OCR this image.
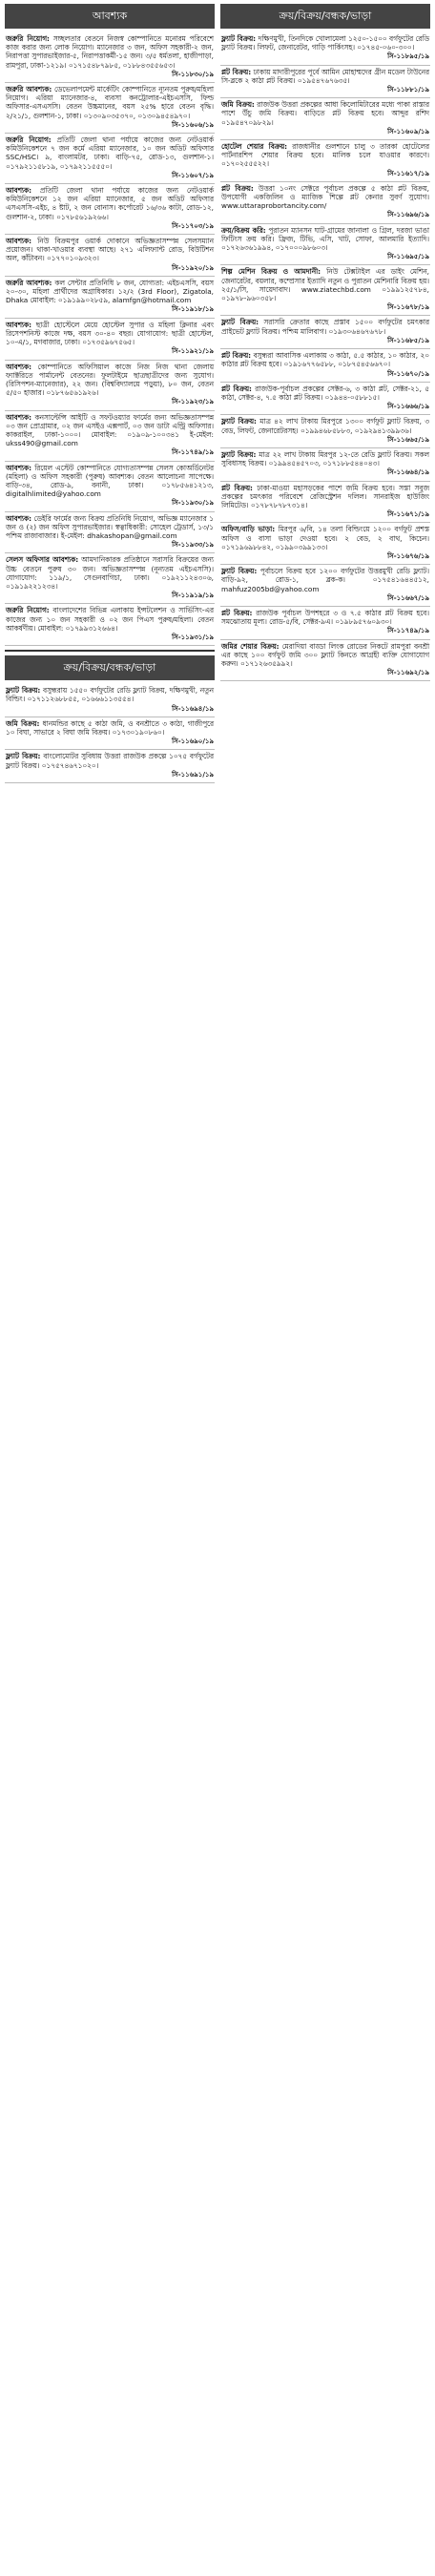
আবশ্যক
জরুরি নিয়োগ: সচ্ছলতার বেতনে নিজস্ব কোম্পানিতে মনোরম পরিবেশে কাজ করার জন্য লোক নিয়োগ। ম্যানেজার ৩ জন, অফিস সহকারী-২ জন, নিরাপত্তা সুপারভাইজার-৫, নিরাপত্তাকর্মী-১৫ জন। ৩/৫ ধর্মতলা, হাজীপাড়া, রামপুরা, ঢাকা-১২১৯। ০১৭১৫৪৮৭৯৮৫, ০১৮৮৪৩৫৫৬৫৩।
সি-১১৮৩০/১৯
জরুরি আবশ্যক: ডেভেলাপমেন্ট মার্কেটিং কোম্পানিতে ন্যূনতম পুরুষ/মহিলা নিয়োগ। এরিয়া ম্যানেজার-৪, ব্যবসা কনট্রোলার-এইচএসসি, ফিল্ড অফিসার-এসএসসি। বেতন উচ্চমানের, বয়স ২৫% হারে বেতন বৃদ্ধি। ২/২১/১, গুলশান-১, ঢাকা। ০১৩০৯০৩৫৩৭০, ০১৩০৯৪৫৪৯৭০।
সি-১১৬০৬/১৯
জরুরি নিয়োগ: প্রতিটি জেলা থানা পর্যায়ে কাজের জন্য নেটওয়ার্ক কমিউনিকেশনে ৭ জন কর্মে এরিয়া ম্যানেজার, ১০ জন অডিট অফিসার SSC/HSC। ৯, বাংলামটর, ঢাকা। বাড়ি-৭৫, রোড-১৩, গুলশান-১। ০১৭৯২১১৫৮১৯, ০১৭৯২১১৫৫৫০।
সি-১১৬০৭/১৯
আবশ্যক: প্রতিটি জেলা থানা পর্যায়ে কাজের জন্য নেটওয়ার্ক কমিউনিকেশনে ১২ জন এরিয়া ম্যানেজার, ৫ জন অডিট অফিসার এসএসসি-এইচ, ৪ ষ্টাট, ২ জন বোনাস। কর্পোরেট ১৬/৩৬ কাটা, রোড-১২, গুলশান-২, ঢাকা। ০১৭৮৫৬১৯২৬৬।
সি-১১৭০৩/১৯
আবশ্যক: নিউ বিক্রমপুর ওয়ার্ক দোকানে অভিজ্ঞতাসম্পন্ন সেলসম্যান প্রয়োজন। থাকা-খাওয়ার ব্যবস্থা আছে। ২৭১ এলিফ্যান্ট রোড, বিউটিশন অল, কাঁটাবন। ০১৭৭০১০৯৩২৩।
সি-১১৯২০/১৯
জরুরি আবশ্যক: কল সেন্টার প্রতিনিধি ৮ জন, যোগ্যতা: এইচএসসি, বয়স ২০-৩০, মহিলা প্রার্থীদের অগ্রাধিকার। ১২/২ (3rd Floor), Zigatola, Dhaka মোবাইল: ০১৯১৯৯০২৮৫৯, alamfgn@hotmail.com
সি-১১৯১৮/১৯
আবশ্যক: ছাত্রী হোস্টেলে মেয়ে হোস্টেল সুপার ও মহিলা ক্লিনার এবং রিসেপশনিস্ট কাজে দক্ষ, বয়স ৩০-৪০ বছর। যোগাযোগ: ছাত্রী হোস্টেল, ১০-এ/১, মগবাজার, ঢাকা। ০১৭৩৫৯৬৭৫৬৫।
সি-১১৯২১/১৯
আবশ্যক: কোম্পানিতে অফিসিয়াল কাজে নিজ নিজ থানা জেলায় ফ্যাক্টরিতে পার্মানেন্ট বেতনের। ফুলটাইমে ছাত্রছাত্রীদের জন্য সুযোগ। (রিসিপশন-ম্যানেজার), ২২ জন। (বিশ্ববিদ্যালয়ে পড়ুয়া), ৮০ জন, বেতন ৫/৫০ হাজার। ০১৮৭৬৫৬১৯২৬।
সি-১১৯২৩/১৯
আবশ্যক: কনসাল্টেন্সি আইটি ও সফটওয়্যার ফার্মের জন্য অভিজ্ঞতাসম্পন্ন ০৩ জন প্রোগ্রামার, ০২ জন এসইও এক্সপার্ট, ০৩ জন ডাটা এন্ট্রি অফিসার। কাকরাইল, ঢাকা-১০০০। মোবাইল: ০১৯০৯-১০০৩৪১ ই-মেইল: ukss490@gmail.com
সি-১১৭৪৯/১৯
আবশ্যক: রিয়েল এস্টেট কোম্পানিতে যোগ্যতাসম্পন্ন সেলস কোঅর্ডিনেটর (মহিলা) ও অফিস সহকারী (পুরুষ) আবশ্যক। বেতন আলোচনা সাপেক্ষে। বাড়ি-৩৪, রোড-৯, বনানী, ঢাকা। ০১৭৮৫৬৪১২১৩, digitalhlimited@yahoo.com
সি-১১৯৩০/১৯
আবশ্যক: ডেইরি ফার্মের জন্য বিক্রয় প্রতিনিধি নিয়োগ, অভিজ্ঞ ম্যানেজার ১ জন ও (২) জন অফিস সুপারভাইজার। স্বত্বাধিকারী: সোহেল ট্রেডার্স, ১৩/১ পশ্চিম রাজাবাজার। ই-মেইল: dhakashopan@gmail.com
সি-১১৯৩৩/১৯
সেলস অফিসার আবশ্যক: আমদানিকারক প্রতিষ্ঠানে সরাসরি বিক্রয়ের জন্য উচ্চ বেতনে পুরুষ ৩০ জন। অভিজ্ঞতাসম্পন্ন (নূন্যতম এইচএসসি)। যোগাযোগ: ১১৯/১, সেগুনবাগিচা, ঢাকা। ০১৯২১১২৪৩০৬, ০১৯১৯২২১২৩৪।
সি-১১৯১৯/১৯
জরুরি নিয়োগ: বাংলাদেশের বিভিন্ন এলাকায় ইন্সটলেশন ও সার্ভিসিং-এর কাজের জন্য ১০ জন সহকারী ও ০২ জন পিএস পুরুষ/মহিলা। বেতন আকর্ষণীয়। মোবাইল: ০১৭৯৯৩১২৬৬৪।
সি-১১৯৩১/১৯
ক্রয়/বিক্রয়/বন্ধক/ভাড়া
ফ্ল্যাট বিক্রয়: বসুন্ধরায় ১৫৫০ বর্গফুটের রেডি ফ্ল্যাট বিক্রয়, দক্ষিণমুখী, নতুন বিল্ডিং। ০১৭১১২৬৮৮৫৫, ০১৬৬৬১১৩৫৫৪।
সি-১১৬৯৪/১৯
জমি বিক্রয়: ধানমন্ডির কাছে ৫ কাঠা জমি, ও বনশ্রীতে ৩ কাঠা, গাজীপুরে ১০ বিঘা, সাভারে ২ বিঘা জমি বিক্রয়। ০১৭৩০১৯০৮৬০।
সি-১১৬৯০/১৯
ফ্ল্যাট বিক্রয়: বাংলোমোটর সুবিধায় উত্তরা রাজউক প্রকল্পে ১০৭৫ বর্গফুটের ফ্ল্যাট বিক্রয়। ০১৭৫৭৪৬৭১০২০।
সি-১১৬৯১/১৯
ক্রয়/বিক্রয়/বন্ধক/ভাড়া
ফ্ল্যাট বিক্রয়: দক্ষিণমুখী, তিনদিকে খোলামেলা ১২৫০-১৫০০ বর্গফুটের রেডি ফ্ল্যাট বিক্রয়। লিফট, জেনারেটর, গাড়ি পার্কিংসহ। ০১৭৪৫-০৬০-৩০০।
সি-১১৮৯৫/১৯
প্লট বিক্রয়: ঢাকায় মাদারীপুরের পূর্বে আমিন মোহাম্মদের গ্রীন মডেল টাউনের সি-ব্লকে ২ কাঠা প্লট বিক্রয়। ০১৯৫৪৭৬৭৬৩৫।
সি-১১৮৮১/১৯
জমি বিক্রয়: রাজউক উত্তরা প্রকল্পের আধা কিলোমিটারের মধ্যে পাকা রাস্তার পাশে উঁচু জমি বিক্রয়। বাড়িতে প্লট বিক্রয় হবে। আব্দুর রশিদ ০১৯৫৪৭০৯৮২৯।
সি-১১৬০৯/১৯
হোটেল শেয়ার বিক্রয়: রাজধানীর গুলশানে চালু ৩ তারকা হোটেলের পার্টনারশিপ শেয়ার বিক্রয় হবে। মালিক চলে যাওয়ার কারণে। ০১৭০২৫৫৫২২।
সি-১১৬১৭/১৯
প্লট বিক্রয়: উত্তরা ১০নং সেক্টরে পূর্বাচল প্রকল্পে ৫ কাঠা প্লট বিক্রয়, উপযোগী একজিলিন ও ম্যাজিক শিল্পে প্লট কেনার সুবর্ণ সুযোগ। www.uttaraprobortancity.com/
সি-১১৬৯৬/১৯
ক্রয়/বিক্রয় করি: পুরাতন ম্যানসন ঘাট-গ্রামের জানালা ও গ্রিল, দরজা ভাঙা ফিটিংস ক্রয় করি। ফ্রিজ, টিভি, এসি, খাট, সোফা, আলমারি ইত্যাদি। ০১৭২৬৩৬১৯৯৪, ০১৭০০০৯৮৬০৩।
সি-১১৬৯৫/১৯
শিল্প মেশিন বিক্রয় ও আমদানী: নিউ টেক্সটাইল এর ডাইং মেশিন, জেনারেটর, বয়লার, কম্প্রেসার ইত্যাদি নতুন ও পুরাতন মেশিনারি বিক্রয় হয়। ২৫/১/সি, সায়েদাবাদ। www.ziatechbd.com ০১৯৯১২৫৭৮৪, ০১৯৭৮-৯৬০৩৫৮।
সি-১১৬৭৮/১৯
ফ্ল্যাট বিক্রয়: সরাসরি ক্রেতার কাছে প্রস্তাব ১৫০০ বর্গফুটের চমৎকার প্রাইভেট ফ্ল্যাট বিক্রয়। পশ্চিম মালিবাগ। ০১৯৩০৬৪৬৭৬৭৮।
সি-১১৬৮৫/১৯
প্লট বিক্রয়: বসুন্ধরা আবাসিক এলাকায় ৩ কাঠা, ৫.৫ কাঠার, ১০ কাঠার, ২০ কাঠার প্লট বিক্রয় হবে। ০১৯১৬৭৭৬৫৮৮, ০১৮৭৫৪৫৬৬৭০।
সি-১১৬৭০/১৯
প্লট বিক্রয়: রাজউক-পূর্বাচল প্রকল্পের সেক্টর-৬, ৩ কাঠা প্লট, সেক্টর-২১, ৫ কাঠা, সেক্টর-৪, ৭.৫ কাঠা প্লট বিক্রয়। ০১৯৪৪-০৫৮৮১৫।
সি-১১৬৬৬/১৯
ফ্ল্যাট বিক্রয়: মাত্র ৪২ লাখ টাকায় মিরপুরে ১৩০০ বর্গফুট ফ্ল্যাট বিক্রয়, ৩ বেড, লিফট, জেনারেটরসহ। ০১৯৯৪৬৮৫৮৮৩, ০১৯২৯৪১৩৯৯৩৬।
সি-১১৬৬৫/১৯
ফ্ল্যাট বিক্রয়: মাত্র ২২ লাখ টাকায় মিরপুর ১২-তে রেডি ফ্ল্যাট বিক্রয়। সকল সুবিধাসহ বিক্রয়। ০১৯৯৪৫৪৫৭০৩, ০১৭১৮৮৫৪৪০৪৩।
সি-১১৬৬৪/১৯
প্লট বিক্রয়: ঢাকা-মাওয়া মহাসড়কের পাশে জমি বিক্রয় হবে। সস্তা সবুজ প্রকল্পের চমৎকার পরিবেশে রেজিস্ট্রেশন দলিল। সানরাইজ হাউজিং লিমিটেড। ০১৭৮৭৮৭৮৭৩১৪।
সি-১১৬৭১/১৯
অফিস/বাড়ি ভাড়া: মিরপুর ৬/বি, ১৪ তলা বিল্ডিংয়ে ১২০০ বর্গফুট প্রশস্ত অফিস ও বাসা ভাড়া দেওয়া হবে। ২ বেড, ২ বাথ, কিচেন। ০১৭১৯৬৯৮৮৪২, ০১৯৯০৩৯৯১৩৩।
সি-১১৬৭৬/১৯
ফ্ল্যাট বিক্রয়: পূর্বাচলে বিক্রয় হবে ১২০০ বর্গফুটের উত্তরমুখী রেডি ফ্ল্যাট। বাড়ি-৯২, রোড-১, ব্লক-ক। ০১৭৫৪১৬৪৪৫১২, mahfuz2005bd@yahoo.com
সি-১১৬৬৭/১৯
প্লট বিক্রয়: রাজউক পূর্বাচল উপশহরে ৩ ও ৭.৫ কাঠার প্লট বিক্রয় হবে। সমঝোতায় মূল্য। রোড-৫/বি, সেক্টর-৯এ। ০১৯৮৯৫৭৬০৯৩০।
সি-১১৭৪৯/১৯
জমির শেয়ার বিক্রয়: মেরাদিয়া বাড্ডা লিংক রোডের নিকটে রামপুরা বনশ্রী এর কাছে ১০০ বর্গফুট জমি ৩০০ ফ্ল্যাট কিনতে আগ্রহী ব্যক্তি যোগাযোগ করুন। ০১৭১২৬৩৫৯৯২।
সি-১১৬৯২/১৯
